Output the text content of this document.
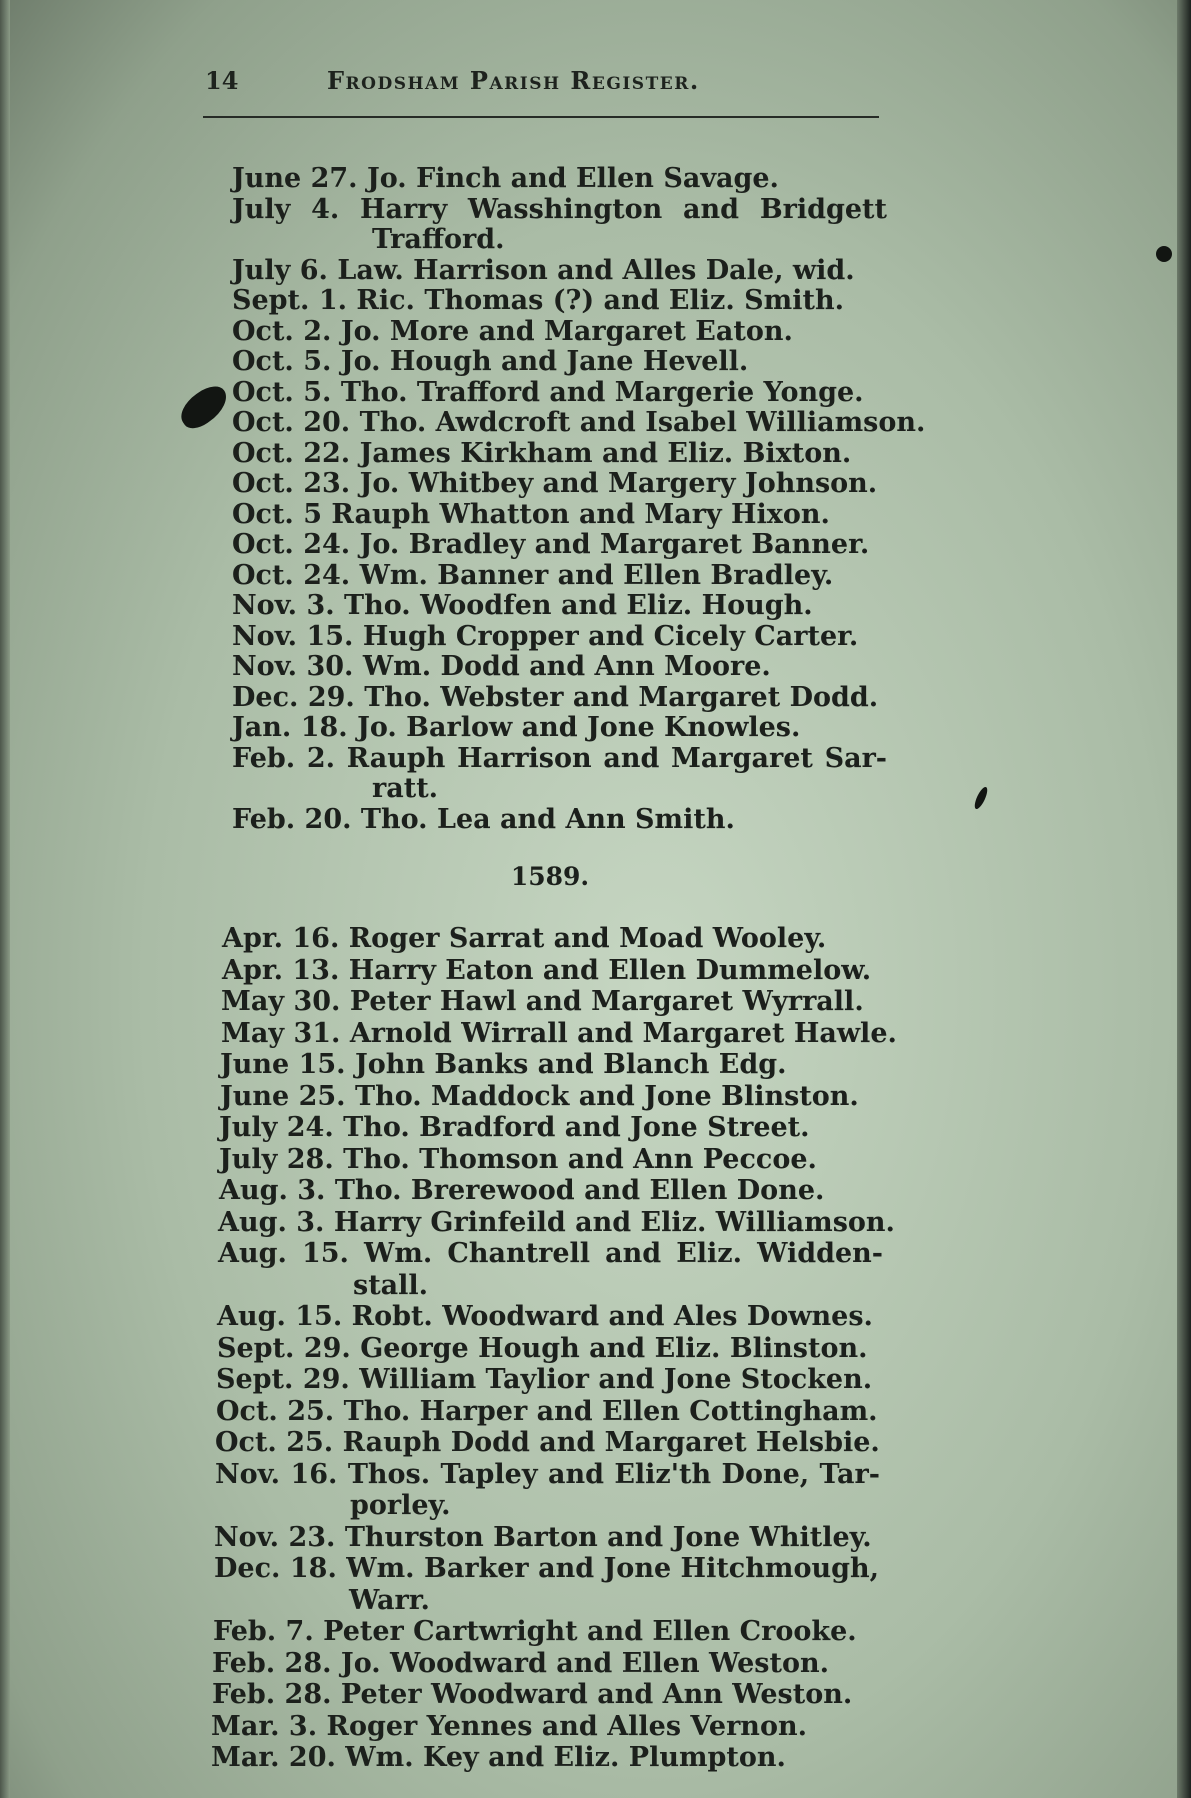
14	Frodsham Parish Register.
June 27. Jo. Finch and Ellen Savage.
July 4. Harry Wasshington and Bridgett
Trafford.
July 6. Law. Harrison and Alles Dale, wid.
Sept. 1. Ric. Thomas (?) and Eliz. Smith.
Oct. 2. Jo. More and Margaret Eaton.
Oct. 5. Jo. Hough and Jane Hevell.
Oct. 5. Tho. Trafford and Margerie Yonge.
Oct. 20. Tho. Awdcroft and Isabel Williamson.
Oct. 22. James Kirkham and Eliz. Bixton.
Oct. 23. Jo. Whitbey and Margery Johnson.
Oct. 5 Rauph Whatton and Mary Hixon.
Oct. 24. Jo. Bradley and Margaret Banner.
Oct. 24. Wm. Banner and Ellen Bradley.
Nov. 3. Tho. Woodfen and Eliz. Hough.
Nov. 15. Hugh Cropper and Cicely Carter.
Nov. 30. Wm. Dodd and Ann Moore.
Dec. 29. Tho. Webster and Margaret Dodd.
Jan. 18. Jo. Barlow and Jone Knowles.
Feb. 2. Rauph Harrison and Margaret Sar-
ratt.
Feb. 20. Tho. Lea and Ann Smith.
Apr. 16. Roger Sarrat and Moad Wooley.
Apr. 13. Harry Eaton and Ellen Dummelow.
May 30. Peter Hawl and Margaret Wyrrall.
May 31. Arnold Wirrall and Margaret Hawle.
June 15. John Banks and Blanch Edg.
June 25. Tho. Maddock and Jone Blinston.
July 24. Tho. Bradford and Jone Street.
July 28. Tho. Thomson and Ann Peccoe.
Aug. 3. Tho. Brerewood and Ellen Done.
Aug. 3. Harry Grinfeild and Eliz. Williamson.
Aug. 15. Wm. Chantrell and Eliz. Widden-
stall.
Aug. 15. Robt. Woodward and Ales Downes.
Sept. 29. George Hough and Eliz. Blinston.
Sept. 29. William Taylior and Jone Stocken.
Oct. 25. Tho. Harper and Ellen Cottingham.
Oct. 25. Rauph Dodd and Margaret Helsbie.
Nov. 16. Thos. Tapley and Eliz'th Done, Tar-
porley.
Nov. 23. Thurston Barton and Jone Whitley.
Dec. 18. Wm. Barker and Jone Hitchmough,
Warr.
Feb. 7. Peter Cartwright and Ellen Crooke.
Feb. 28. Jo. Woodward and Ellen Weston.
Feb. 28. Peter Woodward and Ann Weston.
Mar. 3. Roger Yennes and Alles Vernon.
Mar. 20. Wm. Key and Eliz. Plumpton.
1589.
